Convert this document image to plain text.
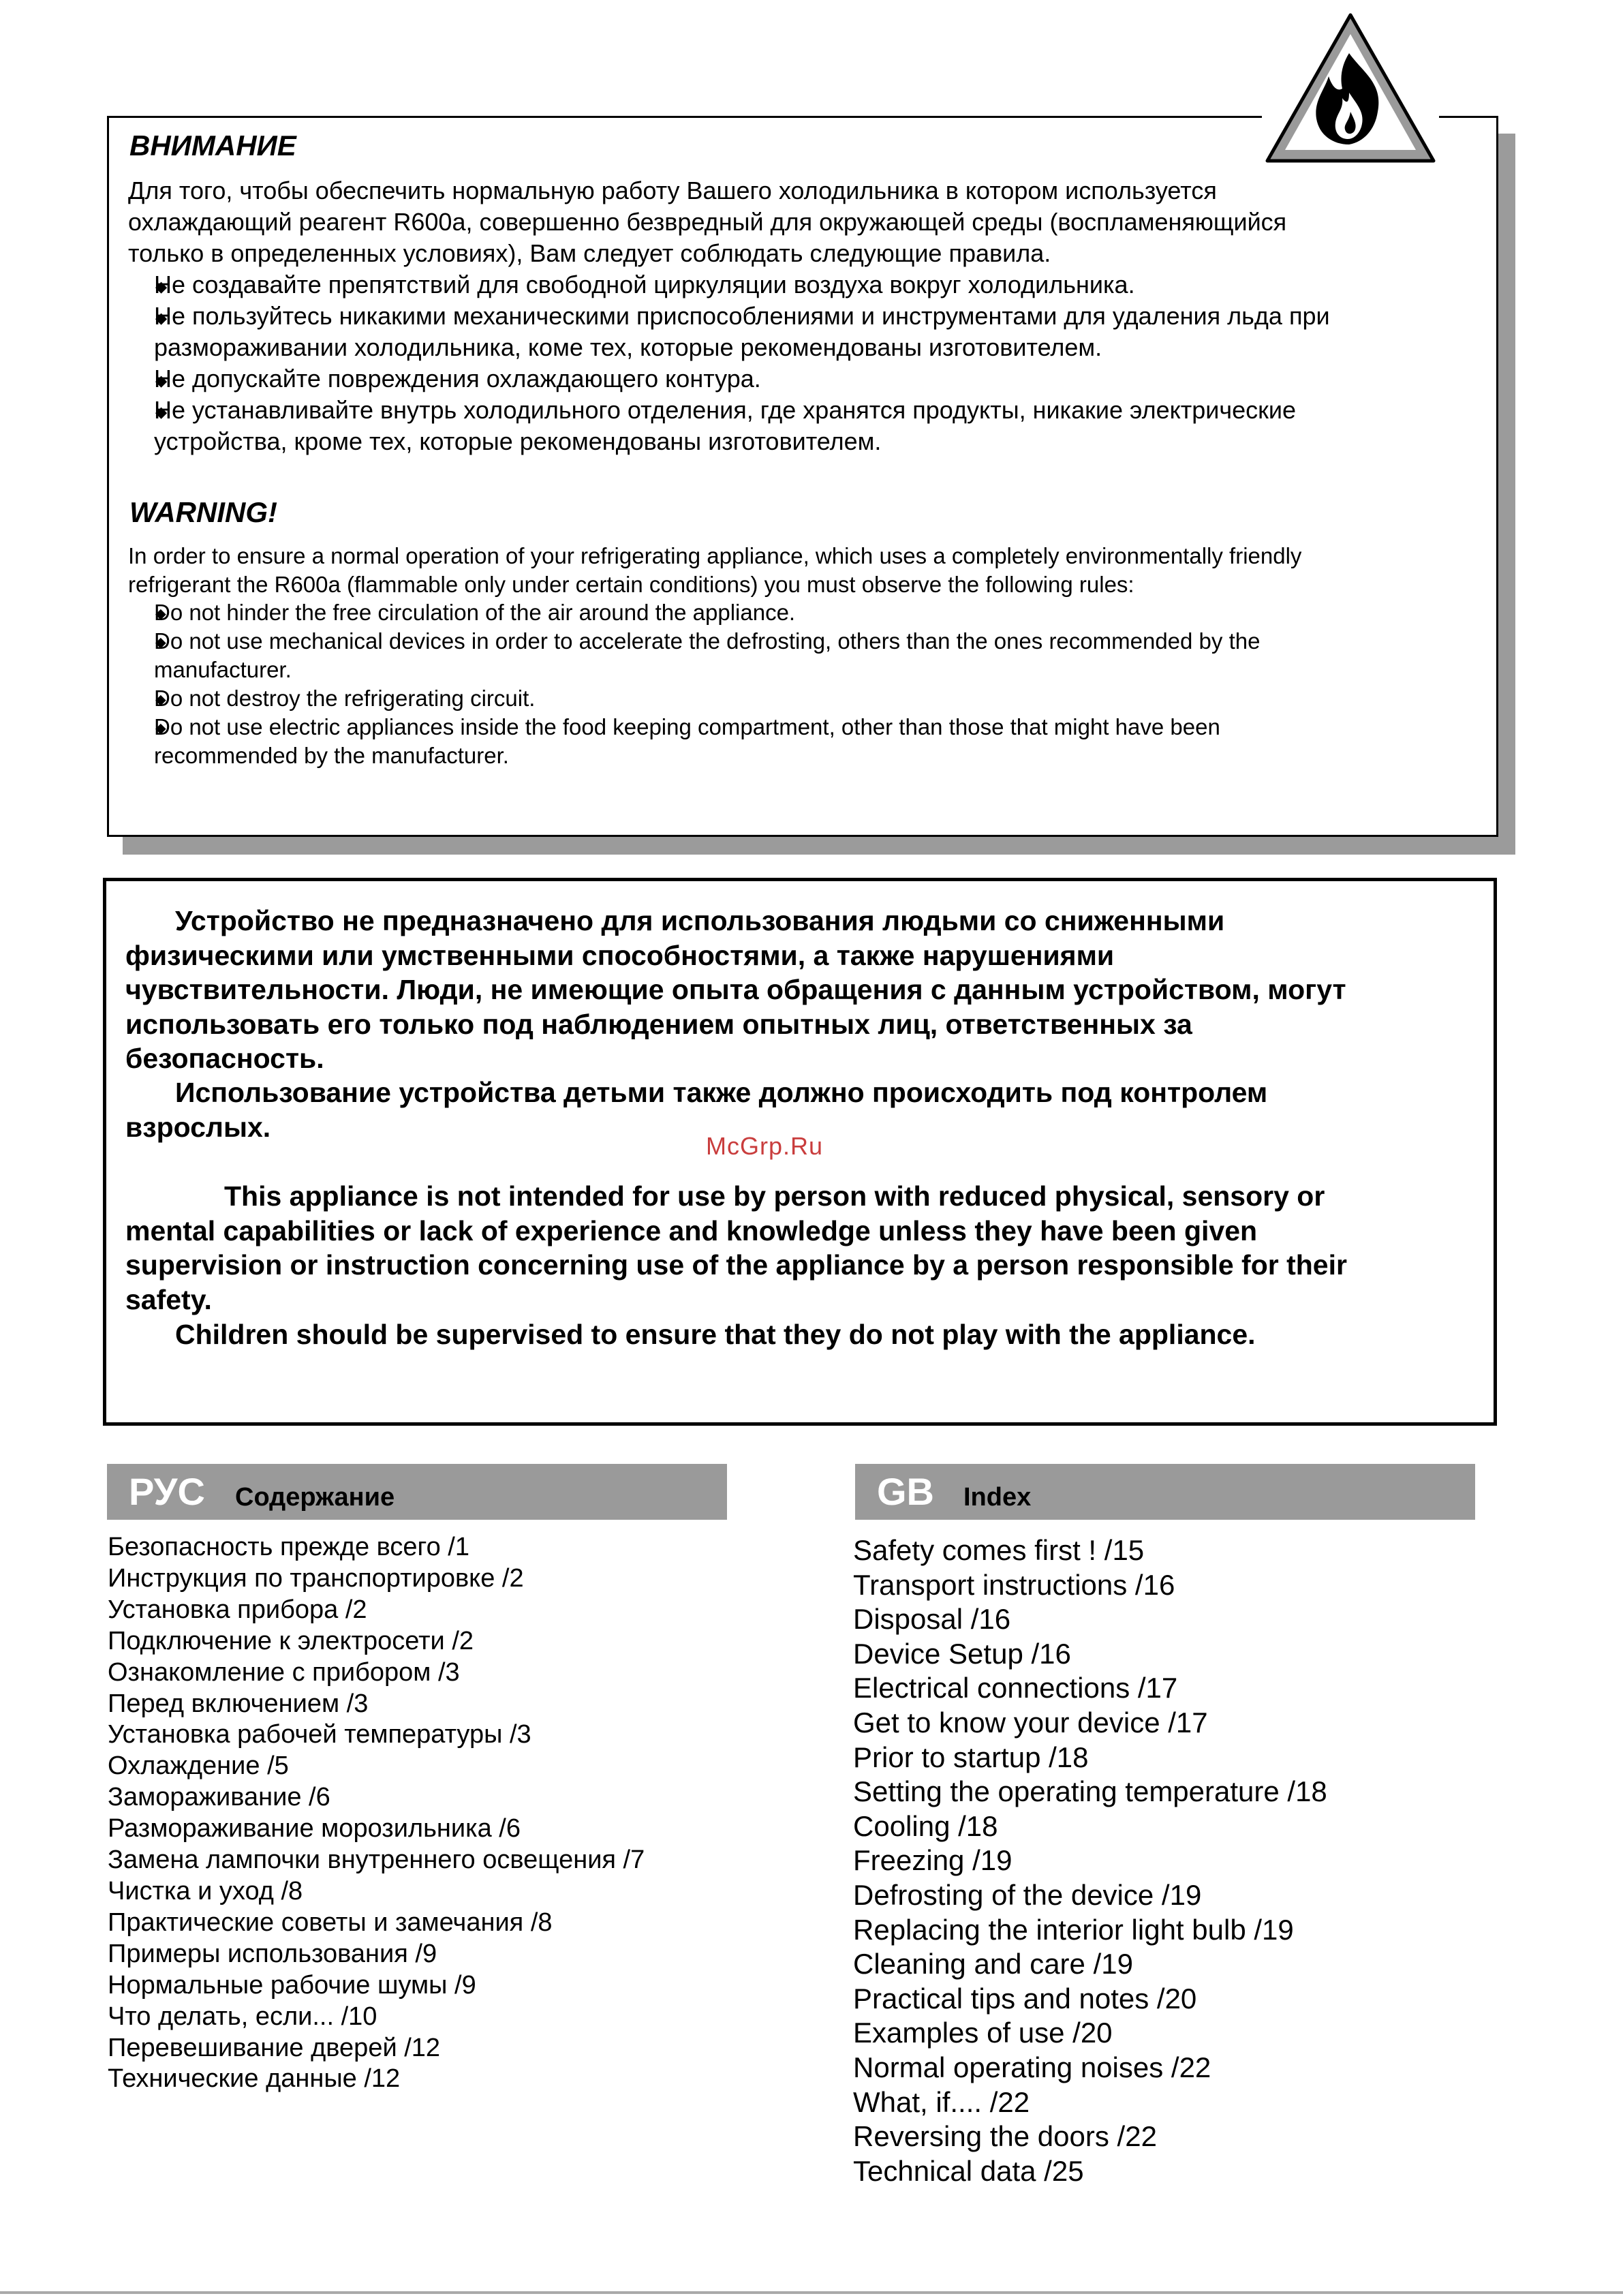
ВНИМАНИЕ
Для того, чтобы обеспечить нормальную работу Вашего холодильника в котором используется
охлаждающий реагент R600a, совершенно безвредный для окружающей среды (воспламеняющийся
только в определенных условиях), Вам следует соблюдать следующие правила.
◆ Не создавайте препятствий для свободной циркуляции воздуха вокруг холодильника.
◆ Не пользуйтесь никакими механическими приспособлениями и инструментами для удаления льда при
размораживании холодильника, коме тех, которые рекомендованы изготовителем.
◆ Не допускайте повреждения охлаждающего контура.
◆ Не устанавливайте внутрь холодильного отделения, где хранятся продукты, никакие электрические
устройства, кроме тех, которые рекомендованы изготовителем.
WARNING!
In order to ensure a normal operation of your refrigerating appliance, which uses a completely environmentally friendly
refrigerant the R600a (flammable only under certain conditions) you must observe the following rules:
◆ Do not hinder the free circulation of the air around the appliance.
◆ Do not use mechanical devices in order to accelerate the defrosting, others than the ones recommended by the
manufacturer.
◆ Do not destroy the refrigerating circuit.
◆ Do not use electric appliances inside the food keeping compartment, other than those that might have been
recommended by the manufacturer.
Устройство не предназначено для использования людьми со сниженными
физическими или умственными способностями, а также нарушениями
чувствительности. Люди, не имеющие опыта обращения с данным устройством, могут
использовать его только под наблюдением опытных лиц, ответственных за
безопасность.
Использование устройства детьми также должно происходить под контролем
взрослых.
McGrp.Ru
This appliance is not intended for use by person with reduced physical, sensory or
mental capabilities or lack of experience and knowledge unless they have been given
supervision or instruction concerning use of the appliance by a person responsible for their
safety.
Children should be supervised to ensure that they do not play with the appliance.
РУС Содержание
Безопасность прежде всего /1
Инструкция по транспортировке /2
Установка прибора /2
Подключение к электросети /2
Ознакомление с прибором /3
Перед включением /3
Установка рабочей температуры /3
Охлаждение /5
Замораживание /6
Размораживание морозильника /6
Замена лампочки внутреннего освещения /7
Чистка и уход /8
Практические советы и замечания /8
Примеры использования /9
Нормальные рабочие шумы /9
Что делать, если... /10
Перевешивание дверей /12
Технические данные /12
GB Index
Safety comes first ! /15
Transport instructions /16
Disposal /16
Device Setup /16
Electrical connections /17
Get to know your device /17
Prior to startup /18
Setting the operating temperature /18
Cooling /18
Freezing /19
Defrosting of the device /19
Replacing the interior light bulb /19
Cleaning and care /19
Practical tips and notes /20
Examples of use /20
Normal operating noises /22
What, if.... /22
Reversing the doors /22
Technical data /25
